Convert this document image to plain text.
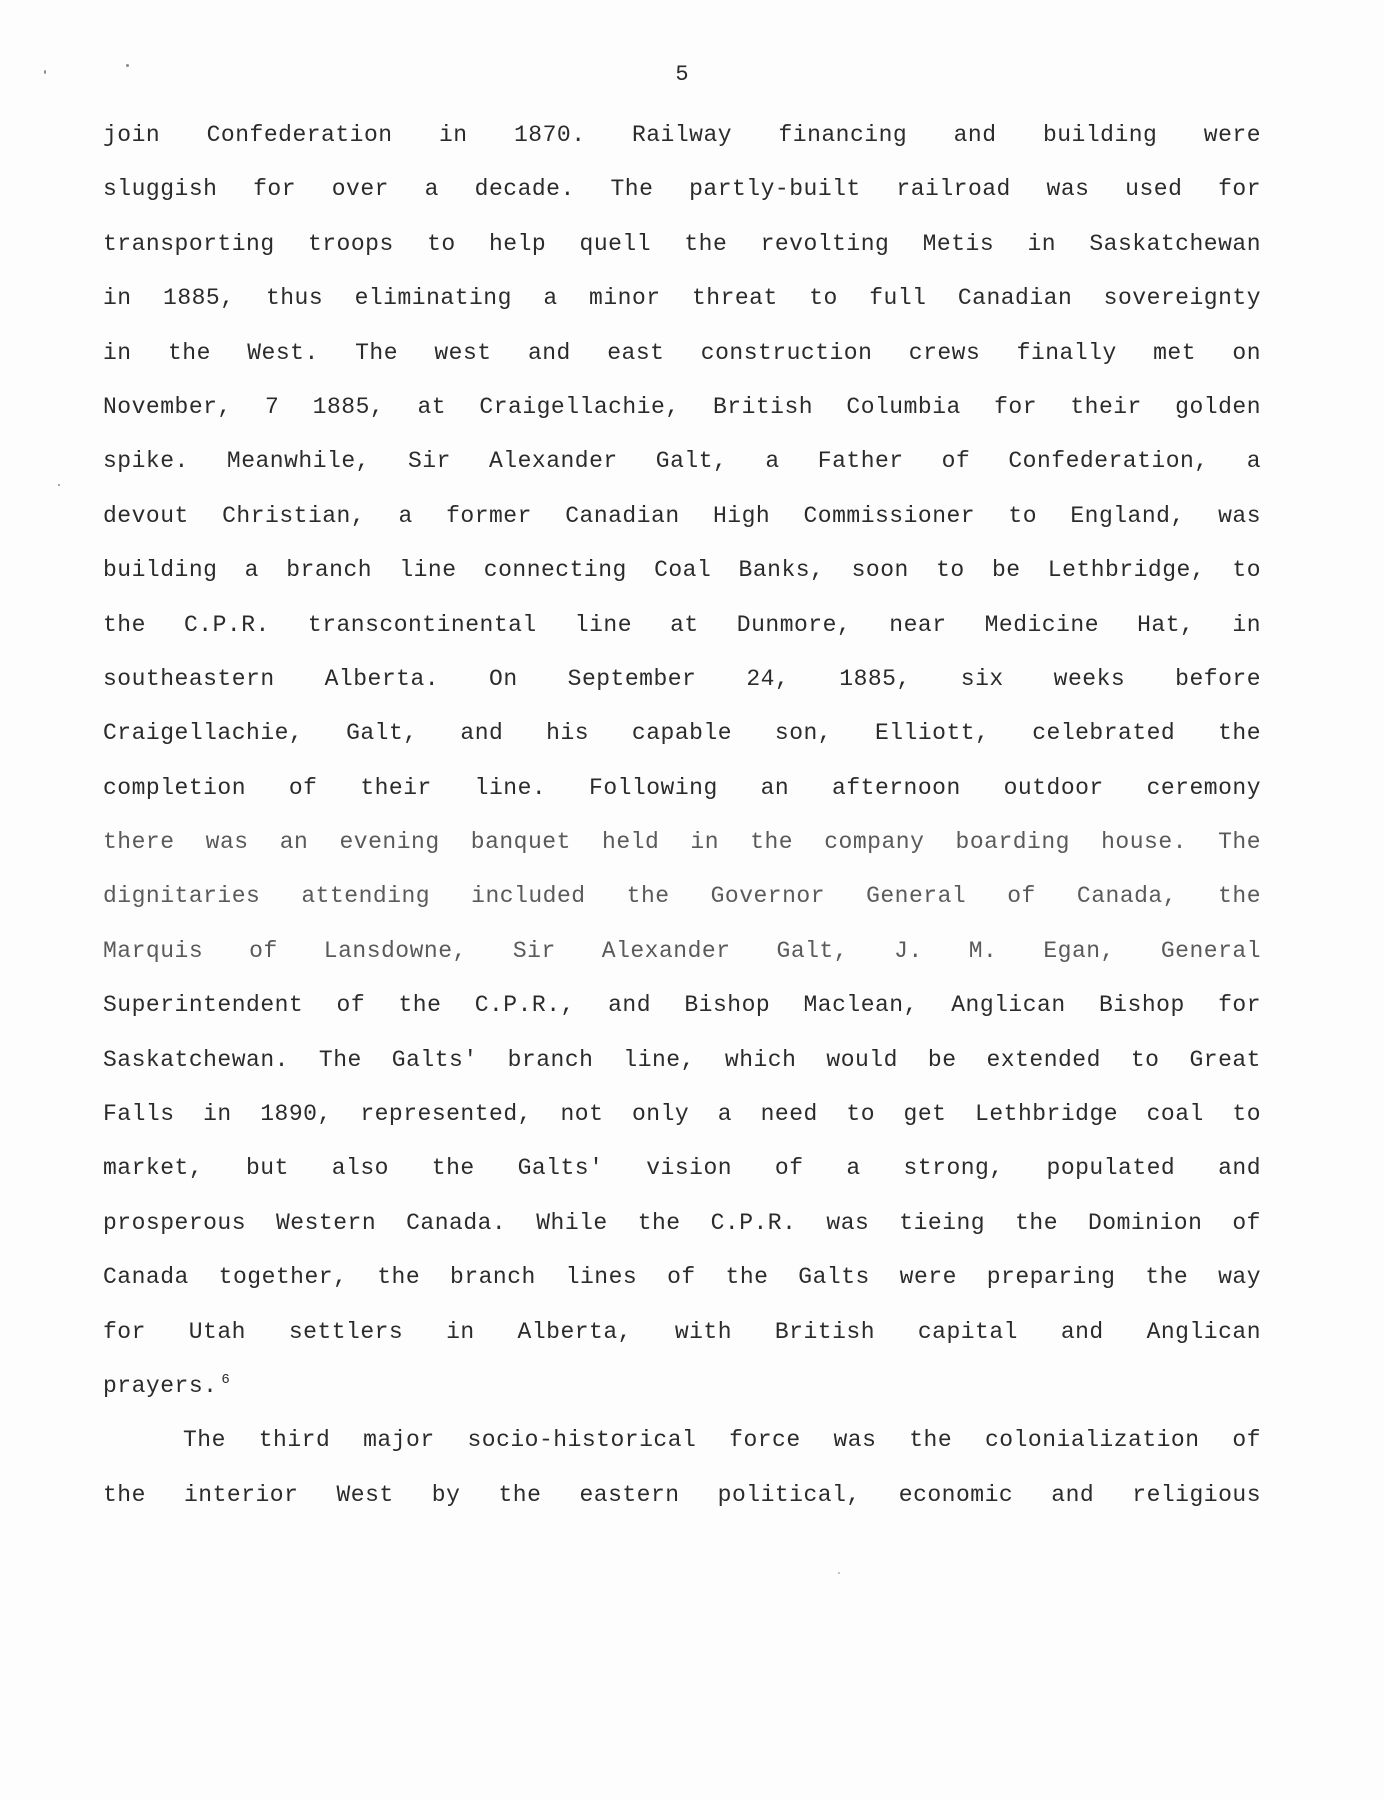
5
join Confederation in 1870. Railway financing and building were
sluggish for over a decade. The partly-built railroad was used for
transporting troops to help quell the revolting Metis in Saskatchewan
in 1885, thus eliminating a minor threat to full Canadian sovereignty
in the West. The west and east construction crews finally met on
November, 7 1885, at Craigellachie, British Columbia for their golden
spike. Meanwhile, Sir Alexander Galt, a Father of Confederation, a
devout Christian, a former Canadian High Commissioner to England, was
building a branch line connecting Coal Banks, soon to be Lethbridge, to
the C.P.R. transcontinental line at Dunmore, near Medicine Hat, in
southeastern Alberta. On September 24, 1885, six weeks before
Craigellachie, Galt, and his capable son, Elliott, celebrated the
completion of their line. Following an afternoon outdoor ceremony
there was an evening banquet held in the company boarding house. The
dignitaries attending included the Governor General of Canada, the
Marquis of Lansdowne, Sir Alexander Galt, J. M. Egan, General
Superintendent of the C.P.R., and Bishop Maclean, Anglican Bishop for
Saskatchewan. The Galts' branch line, which would be extended to Great
Falls in 1890, represented, not only a need to get Lethbridge coal to
market, but also the Galts' vision of a strong, populated and
prosperous Western Canada. While the C.P.R. was tieing the Dominion of
Canada together, the branch lines of the Galts were preparing the way
for Utah settlers in Alberta, with British capital and Anglican
prayers. $^6$
The third major socio-historical force was the colonialization of
the interior West by the eastern political, economic and religious
